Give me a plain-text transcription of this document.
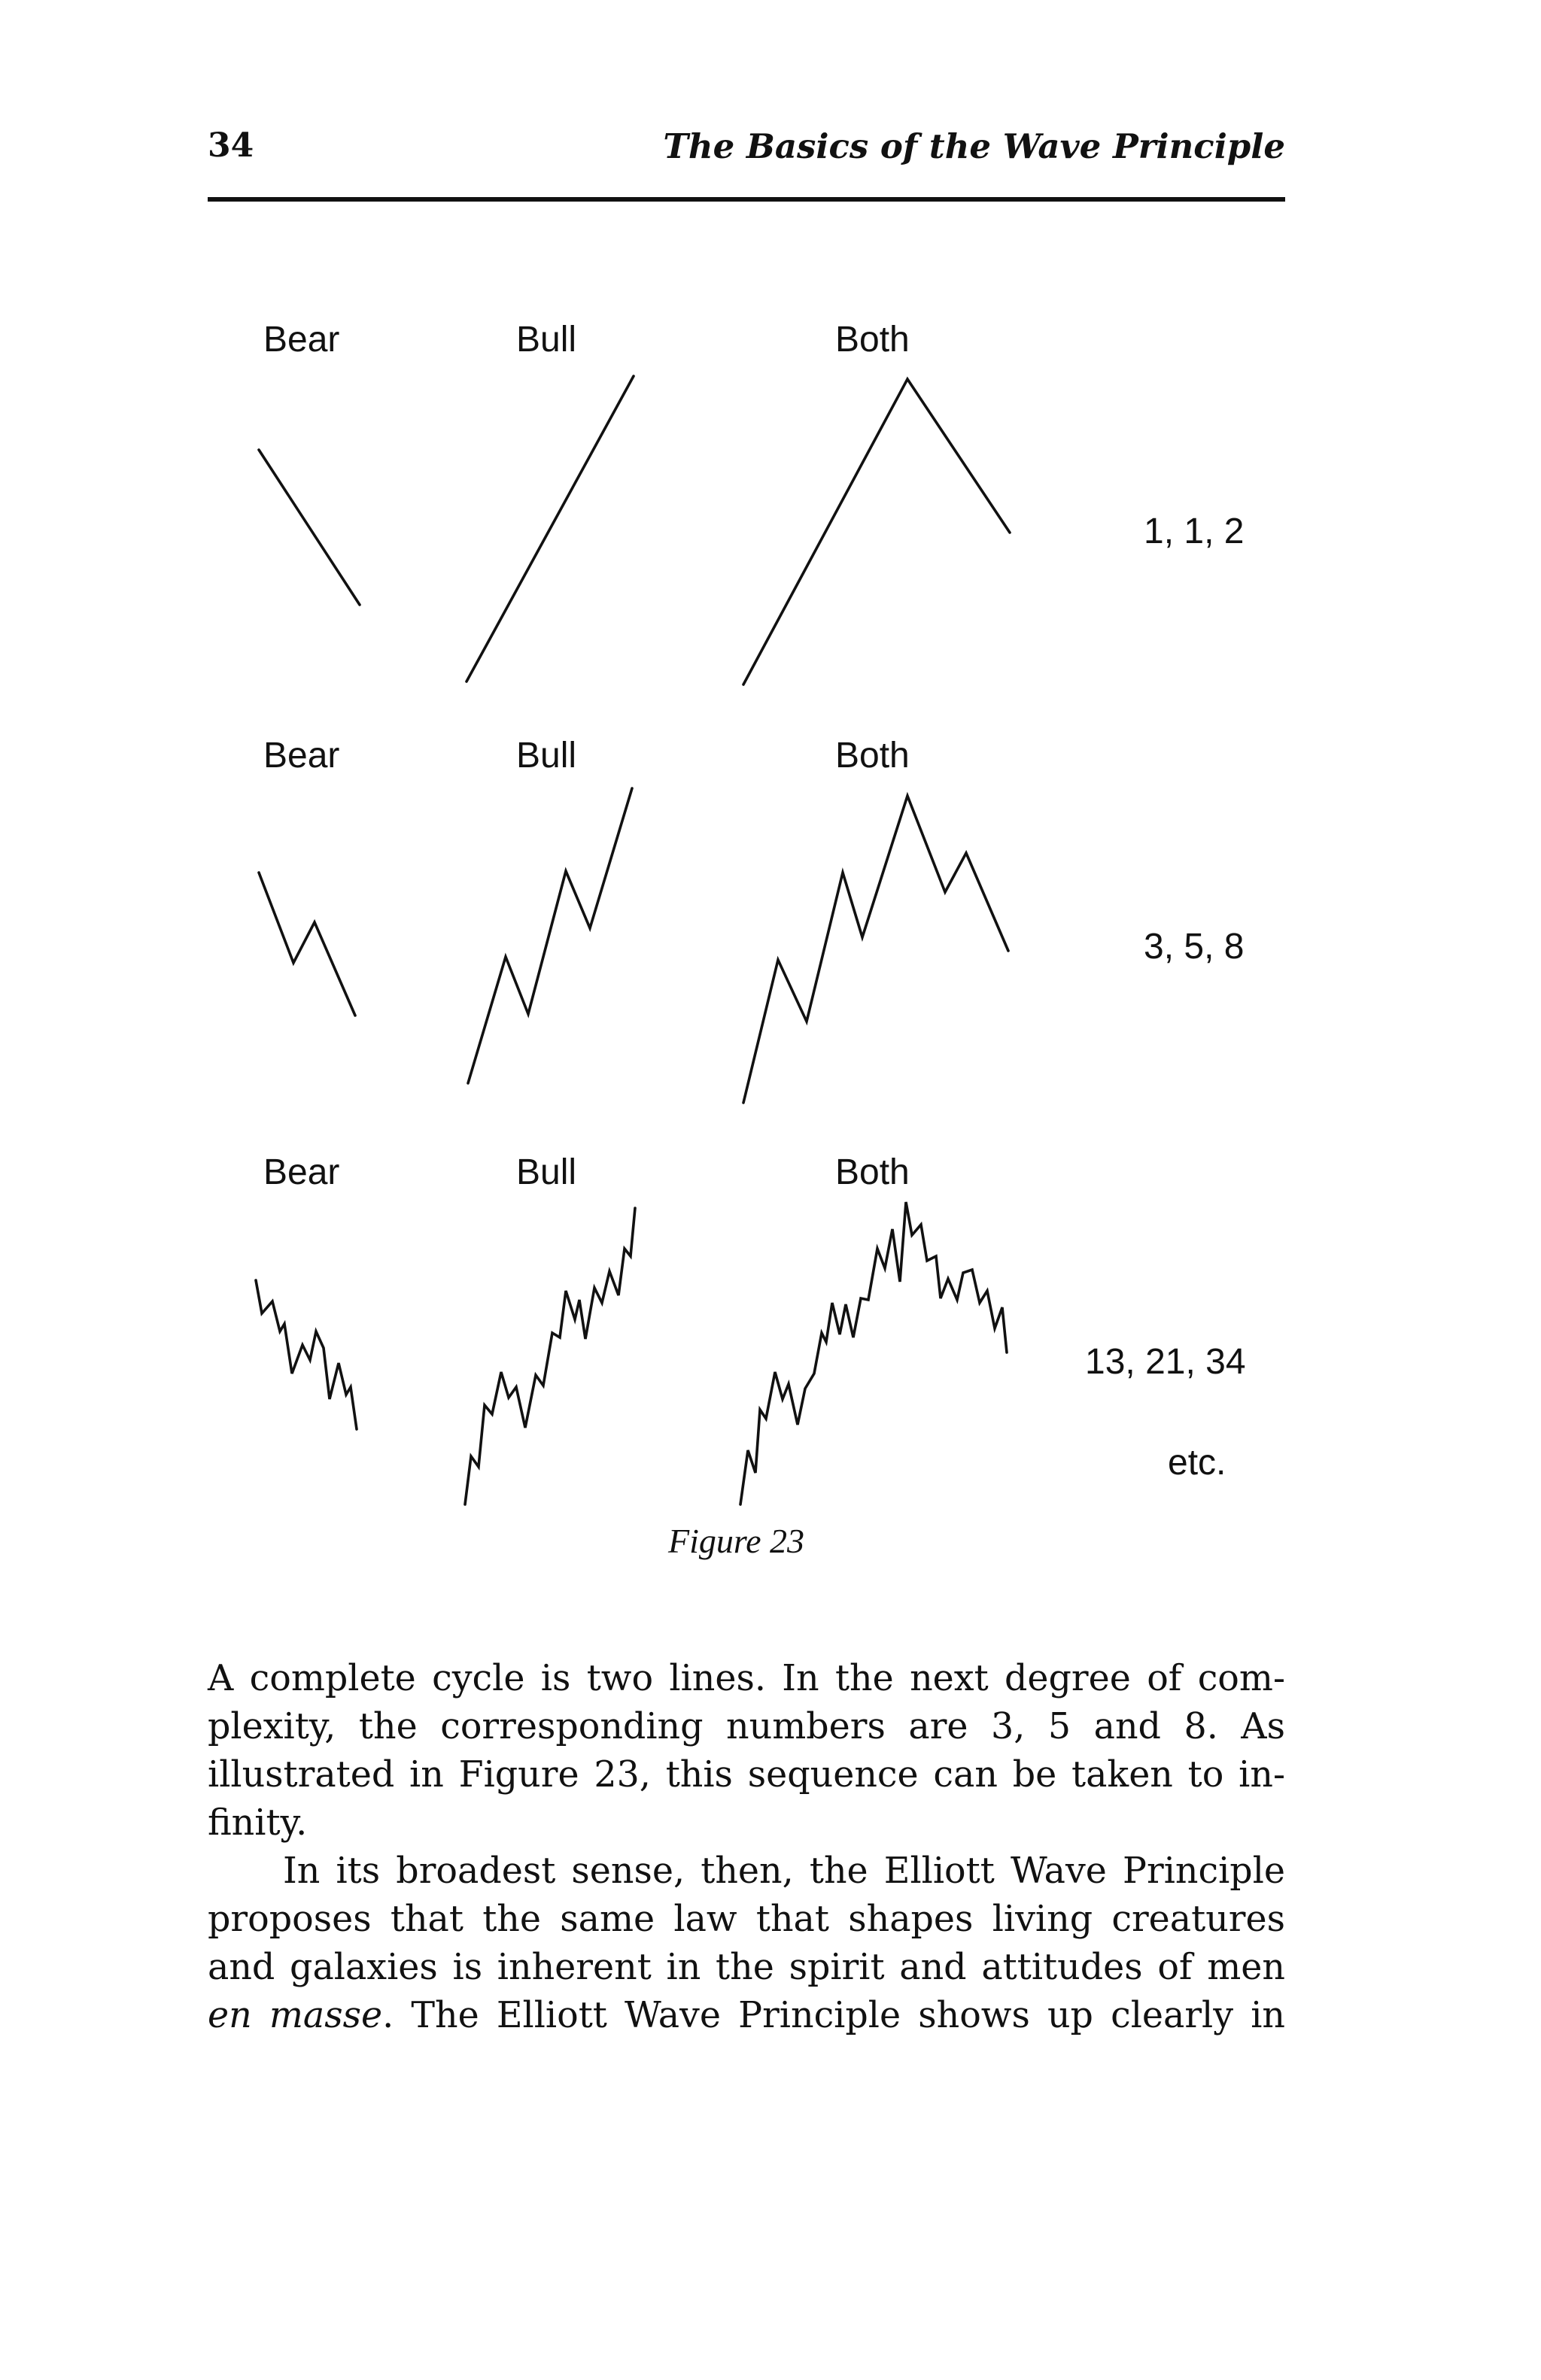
34	The Basics of the Wave Principle
Bear	Bull	Both
1, 1, 2
Bear	Bull	Both
3, 5, 8
Bear	Bull	Both
13, 21, 34
etc.
Figure 23
A complete cycle is two lines. In the next degree of com-
plexity, the corresponding numbers are 3, 5 and 8. As
illustrated in Figure 23, this sequence can be taken to in-
finity.
In its broadest sense, then, the Elliott Wave Principle
proposes that the same law that shapes living creatures
and galaxies is inherent in the spirit and attitudes of men
en masse. The Elliott Wave Principle shows up clearly in
